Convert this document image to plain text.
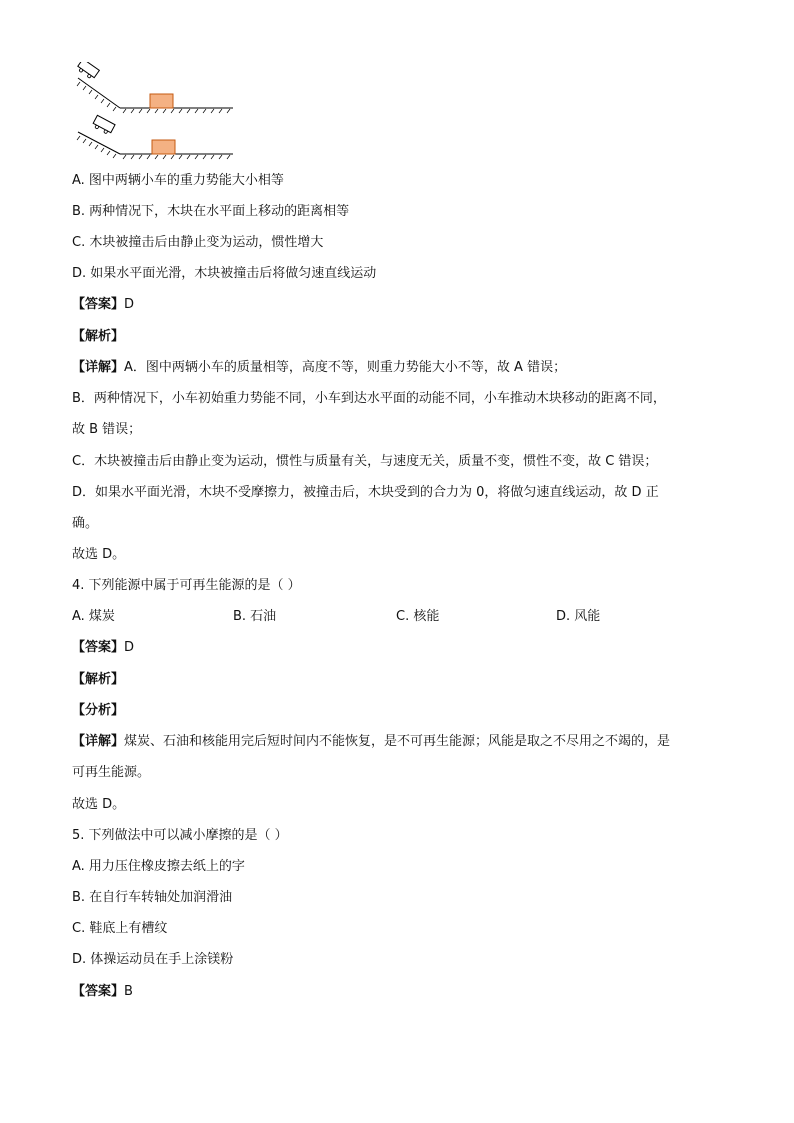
A. 图中两辆小车的重力势能大小相等
B. 两种情况下，木块在水平面上移动的距离相等
C. 木块被撞击后由静止变为运动，惯性增大
D. 如果水平面光滑，木块被撞击后将做匀速直线运动
【答案】D
【解析】
【详解】A．图中两辆小车的质量相等，高度不等，则重力势能大小不等，故 A 错误；
B．两种情况下，小车初始重力势能不同，小车到达水平面的动能不同，小车推动木块移动的距离不同，
故 B 错误；
C．木块被撞击后由静止变为运动，惯性与质量有关，与速度无关，质量不变，惯性不变，故 C 错误；
D．如果水平面光滑，木块不受摩擦力，被撞击后，木块受到的合力为 0，将做匀速直线运动，故 D 正
确。
故选 D。
4. 下列能源中属于可再生能源的是（ ）
A. 煤炭	B. 石油	C. 核能	D. 风能
【答案】D
【解析】
【分析】
【详解】煤炭、石油和核能用完后短时间内不能恢复，是不可再生能源；风能是取之不尽用之不竭的，是
可再生能源。
故选 D。
5. 下列做法中可以减小摩擦的是（ ）
A. 用力压住橡皮擦去纸上的字
B. 在自行车转轴处加润滑油
C. 鞋底上有槽纹
D. 体操运动员在手上涂镁粉
【答案】B
